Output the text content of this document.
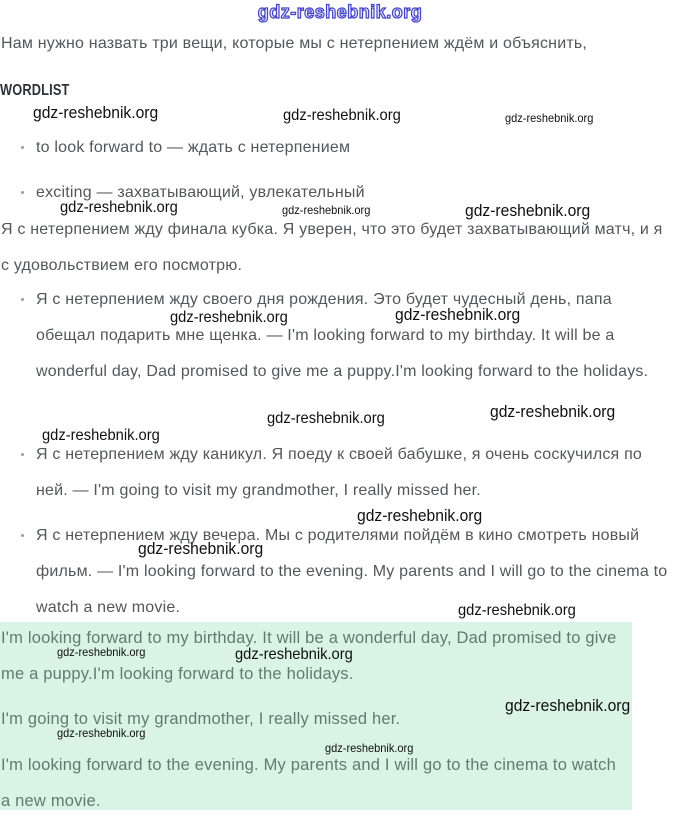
gdz-reshebnik.org
Нам нужно назвать три вещи, которые мы с нетерпением ждём и объяснить,
WORDLIST
to look forward to — ждать с нетерпением
exciting — захватывающий, увлекательный
Я с нетерпением жду финала кубка. Я уверен, что это будет захватывающий матч, и я с удовольствием его посмотрю.
Я с нетерпением жду своего дня рождения. Это будет чудесный день, папа обещал подарить мне щенка. — I'm looking forward to my birthday. It will be a wonderful day, Dad promised to give me a puppy.I'm looking forward to the holidays.
Я с нетерпением жду каникул. Я поеду к своей бабушке, я очень соскучился по ней. — I'm going to visit my grandmother, I really missed her.
Я с нетерпением жду вечера. Мы с родителями пойдём в кино смотреть новый фильм. — I'm looking forward to the evening. My parents and I will go to the cinema to watch a new movie.

I'm looking forward to my birthday. It will be a wonderful day, Dad promised to give me a puppy.I'm looking forward to the holidays.

I'm going to visit my grandmother, I really missed her.

I'm looking forward to the evening. My parents and I will go to the cinema to watch a new movie.

gdz-reshebnik.org	gdz-reshebnik.org	gdz-reshebnik.org
gdz-reshebnik.org	gdz-reshebnik.org	gdz-reshebnik.org
gdz-reshebnik.org	gdz-reshebnik.org
gdz-reshebnik.org	gdz-reshebnik.org
gdz-reshebnik.org
gdz-reshebnik.org
gdz-reshebnik.org
gdz-reshebnik.org
gdz-reshebnik.org	gdz-reshebnik.org
gdz-reshebnik.org
gdz-reshebnik.org
gdz-reshebnik.org
